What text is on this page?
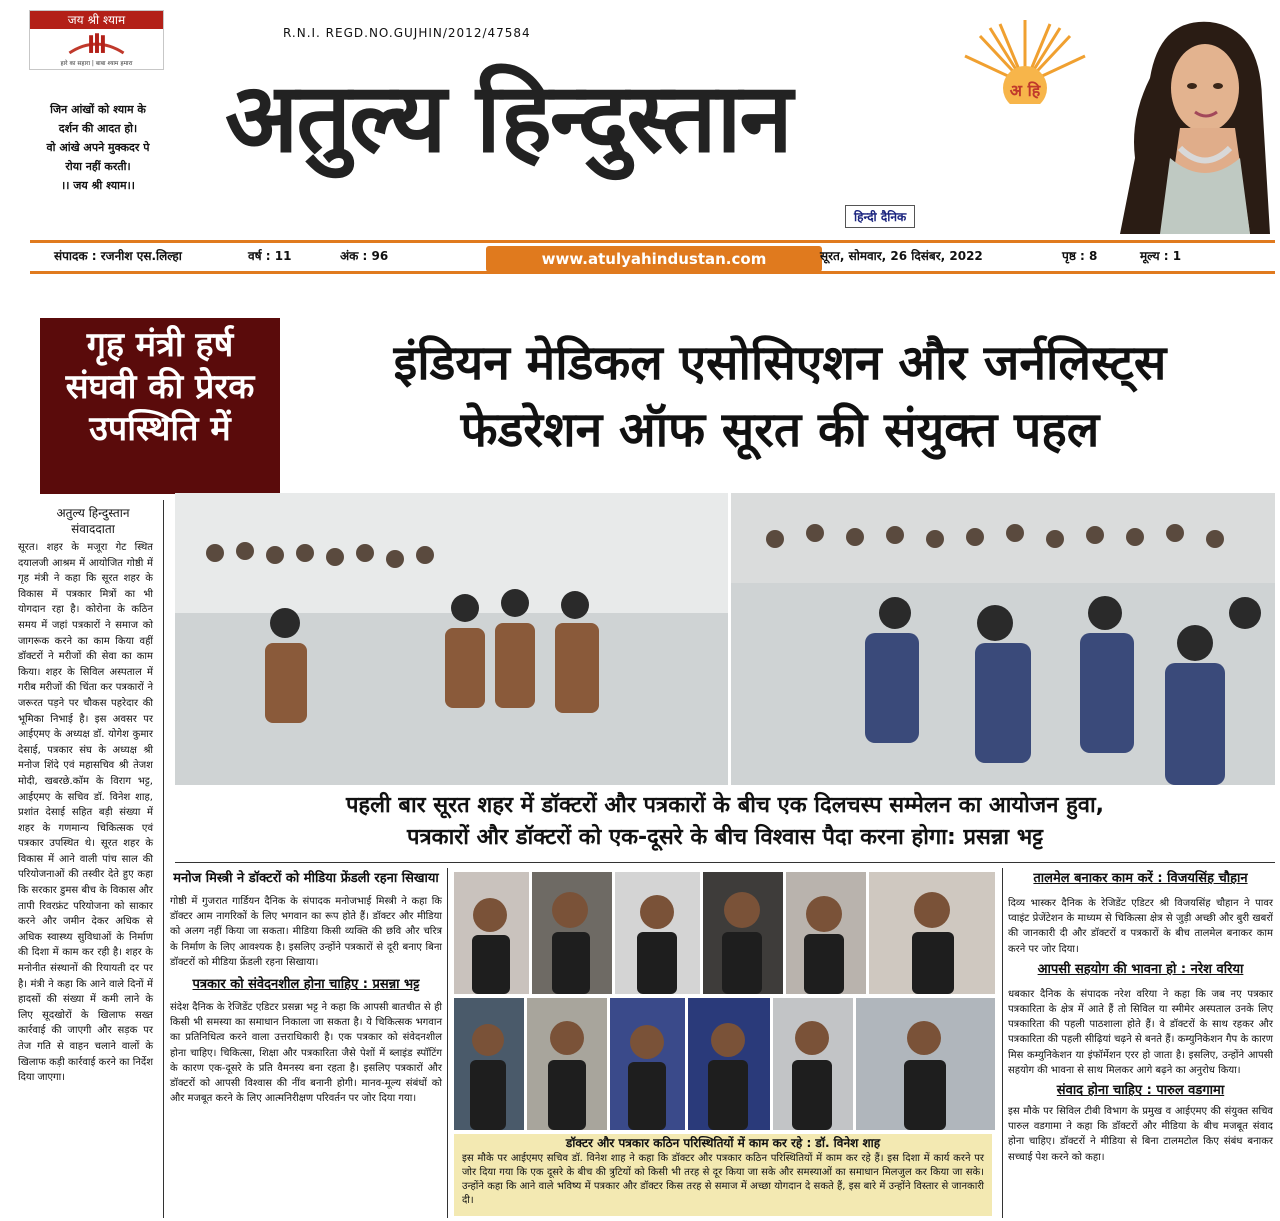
जय श्री श्याम
हारे का सहारा | बाबा श्याम हमारा
जिन आंखों को श्याम के
दर्शन की आदत हो।
वो आंखे अपने मुक्कदर पे
रोया नहीं करती।
।। जय श्री श्याम।।
R.N.I. REGD.NO.GUJHIN/2012/47584
अ हि
अतुल्य हिन्दुस्तान
हिन्दी दैनिक
संपादक : रजनीश एस.लिल्हा	वर्ष : 11	अंक : 96	www.atulyahindustan.com	सूरत, सोमवार, 26 दिसंबर, 2022	पृष्ठ : 8	मूल्य : 1
गृह मंत्री हर्ष
संघवी की प्रेरक
उपस्थिति में
इंडियन मेडिकल एसोसिएशन और जर्नलिस्ट्स
फेडरेशन ऑफ सूरत की संयुक्त पहल
अतुल्य हिन्दुस्तान
संवाददाता
सूरत। शहर के मजूरा गेट स्थित दयालजी आश्रम में आयोजित गोष्ठी में गृह मंत्री ने कहा कि सूरत शहर के विकास में पत्रकार मित्रों का भी योगदान रहा है। कोरोना के कठिन समय में जहां पत्रकारों ने समाज को जागरूक करने का काम किया वहीं डॉक्टरों ने मरीजों की सेवा का काम किया। शहर के सिविल अस्पताल में गरीब मरीजों की चिंता कर पत्रकारों ने जरूरत पड़ने पर चौकस पहरेदार की भूमिका निभाई है। इस अवसर पर आईएमए के अध्यक्ष डॉ. योगेश कुमार देसाई, पत्रकार संघ के अध्यक्ष श्री मनोज शिंदे एवं महासचिव श्री तेजश मोदी, खबरछे.कॉम के विराग भट्ट, आईएमए के सचिव डॉ. विनेश शाह, प्रशांत देसाई सहित बड़ी संख्या में शहर के गणमान्य चिकित्सक एवं पत्रकार उपस्थित थे। सूरत शहर के विकास में आने वाली पांच साल की परियोजनाओं की तस्वीर देते हुए कहा कि सरकार डुमस बीच के विकास और तापी रिवरफ्रंट परियोजना को साकार करने और जमीन देकर अधिक से अधिक स्वास्थ्य सुविधाओं के निर्माण की दिशा में काम कर रही है। शहर के मनोनीत संस्थानों की रियायती दर पर है। मंत्री ने कहा कि आने वाले दिनों में हादसों की संख्या में कमी लाने के लिए सूदखोरों के खिलाफ सख्त कार्रवाई की जाएगी और सड़क पर तेज गति से वाहन चलाने वालों के खिलाफ कड़ी कार्रवाई करने का निर्देश दिया जाएगा।
पहली बार सूरत शहर में डॉक्टरों और पत्रकारों के बीच एक दिलचस्प सम्मेलन का आयोजन हुवा,
पत्रकारों और डॉक्टरों को एक-दूसरे के बीच विश्वास पैदा करना होगा: प्रसन्ना भट्ट
मनोज मिस्त्री ने डॉक्टरों को मीडिया फ्रेंडली रहना सिखाया
गोष्ठी में गुजरात गार्डियन दैनिक के संपादक मनोजभाई मिस्त्री ने कहा कि डॉक्टर आम नागरिकों के लिए भगवान का रूप होते हैं। डॉक्टर और मीडिया को अलग नहीं किया जा सकता। मीडिया किसी व्यक्ति की छवि और चरित्र के निर्माण के लिए आवश्यक है। इसलिए उन्होंने पत्रकारों से दूरी बनाए बिना डॉक्टरों को मीडिया फ्रेंडली रहना सिखाया।
पत्रकार को संवेदनशील होना चाहिए : प्रसन्ना भट्ट
संदेश दैनिक के रेजिडेंट एडिटर प्रसन्ना भट्ट ने कहा कि आपसी बातचीत से ही किसी भी समस्या का समाधान निकाला जा सकता है। ये चिकित्सक भगवान का प्रतिनिधित्व करने वाला उत्तराधिकारी है। एक पत्रकार को संवेदनशील होना चाहिए। चिकित्सा, शिक्षा और पत्रकारिता जैसे पेशों में ब्लाइंड स्पॉटिंग के कारण एक-दूसरे के प्रति वैमनस्य बना रहता है। इसलिए पत्रकारों और डॉक्टरों को आपसी विश्वास की नींव बनानी होगी। मानव-मूल्य संबंधों को और मजबूत करने के लिए आत्मनिरीक्षण परिवर्तन पर जोर दिया गया।
डॉक्टर और पत्रकार कठिन परिस्थितियों में काम कर रहे : डॉ. विनेश शाह
इस मौके पर आईएमए सचिव डॉ. विनेश शाह ने कहा कि डॉक्टर और पत्रकार कठिन परिस्थितियों में काम कर रहे हैं। इस दिशा में कार्य करने पर जोर दिया गया कि एक दूसरे के बीच की त्रुटियों को किसी भी तरह से दूर किया जा सके और समस्याओं का समाधान मिलजुल कर किया जा सके। उन्होंने कहा कि आने वाले भविष्य में पत्रकार और डॉक्टर किस तरह से समाज में अच्छा योगदान दे सकते हैं, इस बारे में उन्होंने विस्तार से जानकारी दी।
तालमेल बनाकर काम करें : विजयसिंह चौहान
दिव्य भास्कर दैनिक के रेजिडेंट एडिटर श्री विजयसिंह चौहान ने पावर प्वाइंट प्रेजेंटेशन के माध्यम से चिकित्सा क्षेत्र से जुड़ी अच्छी और बुरी खबरों की जानकारी दी और डॉक्टरों व पत्रकारों के बीच तालमेल बनाकर काम करने पर जोर दिया।
आपसी सहयोग की भावना हो : नरेश वरिया
धबकार दैनिक के संपादक नरेश वरिया ने कहा कि जब नए पत्रकार पत्रकारिता के क्षेत्र में आते हैं तो सिविल या स्मीमेर अस्पताल उनके लिए पत्रकारिता की पहली पाठशाला होते हैं। वे डॉक्टरों के साथ रहकर और पत्रकारिता की पहली सीढ़ियां चढ़ने से बनते हैं। कम्युनिकेशन गैप के कारण मिस कम्युनिकेशन या इंफॉर्मेशन एरर हो जाता है। इसलिए, उन्होंने आपसी सहयोग की भावना से साथ मिलकर आगे बढ़ने का अनुरोध किया।
संवाद होना चाहिए : पारुल वडगामा
इस मौके पर सिविल टीबी विभाग के प्रमुख व आईएमए की संयुक्त सचिव पारुल वडगामा ने कहा कि डॉक्टरों और मीडिया के बीच मजबूत संवाद होना चाहिए। डॉक्टरों ने मीडिया से बिना टालमटोल किए संबंध बनाकर सच्चाई पेश करने को कहा।
